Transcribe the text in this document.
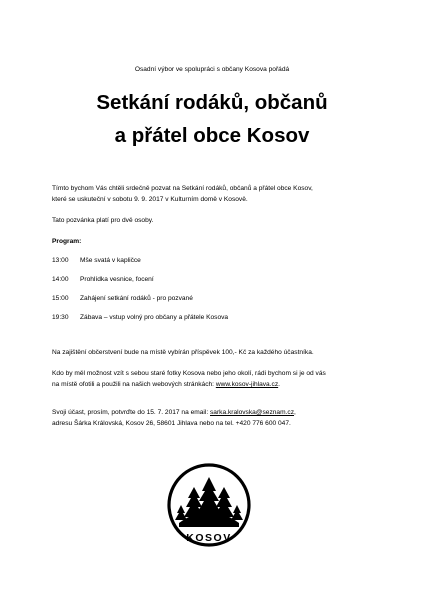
Osadní výbor ve spolupráci s občany Kosova pořádá
Setkání rodáků, občanů
a přátel obce Kosov

Tímto bychom Vás chtěli srdečně pozvat na Setkání rodáků, občanů a přátel obce Kosov,

které se uskuteční v sobotu 9. 9. 2017 v Kulturním domě v Kosově.

Tato pozvánka platí pro dvě osoby.

Program:

13:00	Mše svatá v kapličce
14:00	Prohlídka vesnice, focení
15:00	Zahájení setkání rodáků - pro pozvané
19:30	Zábava – vstup volný pro občany a přátele Kosova

Na zajištění občerstvení bude na místě vybírán příspěvek 100,- Kč za každého účastníka.

Kdo by měl možnost vzít s sebou staré fotky Kosova nebo jeho okolí, rádi bychom si je od vás

na místě ofotili a použili na našich webových stránkách: www.kosov-jihlava.cz.

Svoji účast, prosím, potvrďte do 15. 7. 2017 na email: sarka.kralovska@seznam.cz,

adresu Šárka Královská, Kosov 26, 58601 Jihlava nebo na tel. +420 776 600 047.

KOSOV
